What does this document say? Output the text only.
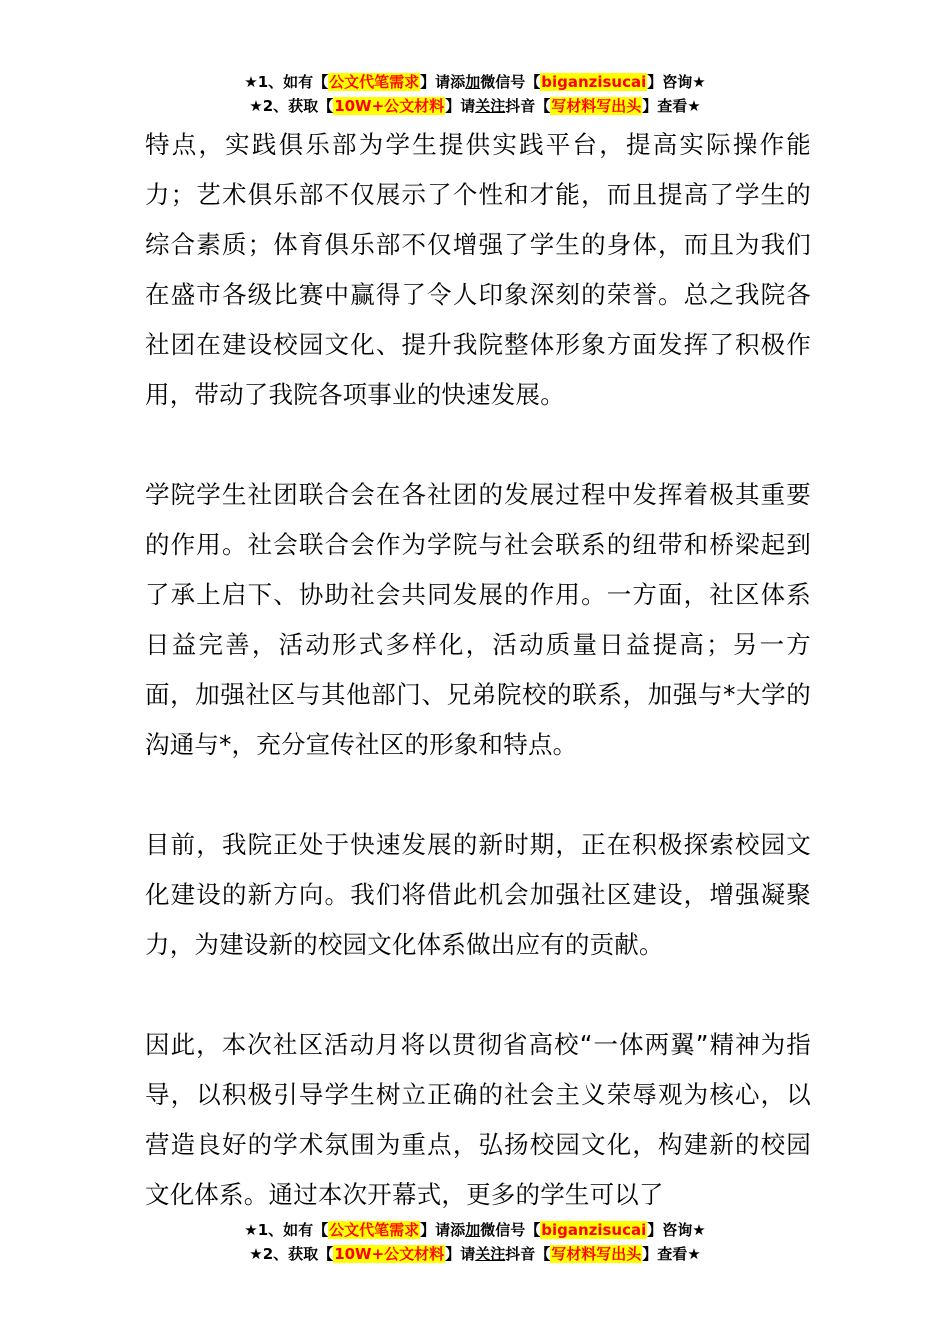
★1、如有【公文代笔需求】请添加微信号【biganzisucai】咨询★
★2、获取【10W+公文材料】请关注抖音【写材料写出头】查看★

特点，实践俱乐部为学生提供实践平台，提高实际操作能力；艺术俱乐部不仅展示了个性和才能，而且提高了学生的综合素质；体育俱乐部不仅增强了学生的身体，而且为我们在盛市各级比赛中赢得了令人印象深刻的荣誉。总之我院各社团在建设校园文化、提升我院整体形象方面发挥了积极作用，带动了我院各项事业的快速发展。

学院学生社团联合会在各社团的发展过程中发挥着极其重要的作用。社会联合会作为学院与社会联系的纽带和桥梁起到了承上启下、协助社会共同发展的作用。一方面，社区体系日益完善，活动形式多样化，活动质量日益提高；另一方面，加强社区与其他部门、兄弟院校的联系，加强与*大学的沟通与*，充分宣传社区的形象和特点。

目前，我院正处于快速发展的新时期，正在积极探索校园文化建设的新方向。我们将借此机会加强社区建设，增强凝聚力，为建设新的校园文化体系做出应有的贡献。

因此，本次社区活动月将以贯彻省高校“一体两翼”精神为指导，以积极引导学生树立正确的社会主义荣辱观为核心，以营造良好的学术氛围为重点，弘扬校园文化，构建新的校园文化体系。通过本次开幕式，更多的学生可以了

★1、如有【公文代笔需求】请添加微信号【biganzisucai】咨询★
★2、获取【10W+公文材料】请关注抖音【写材料写出头】查看★
